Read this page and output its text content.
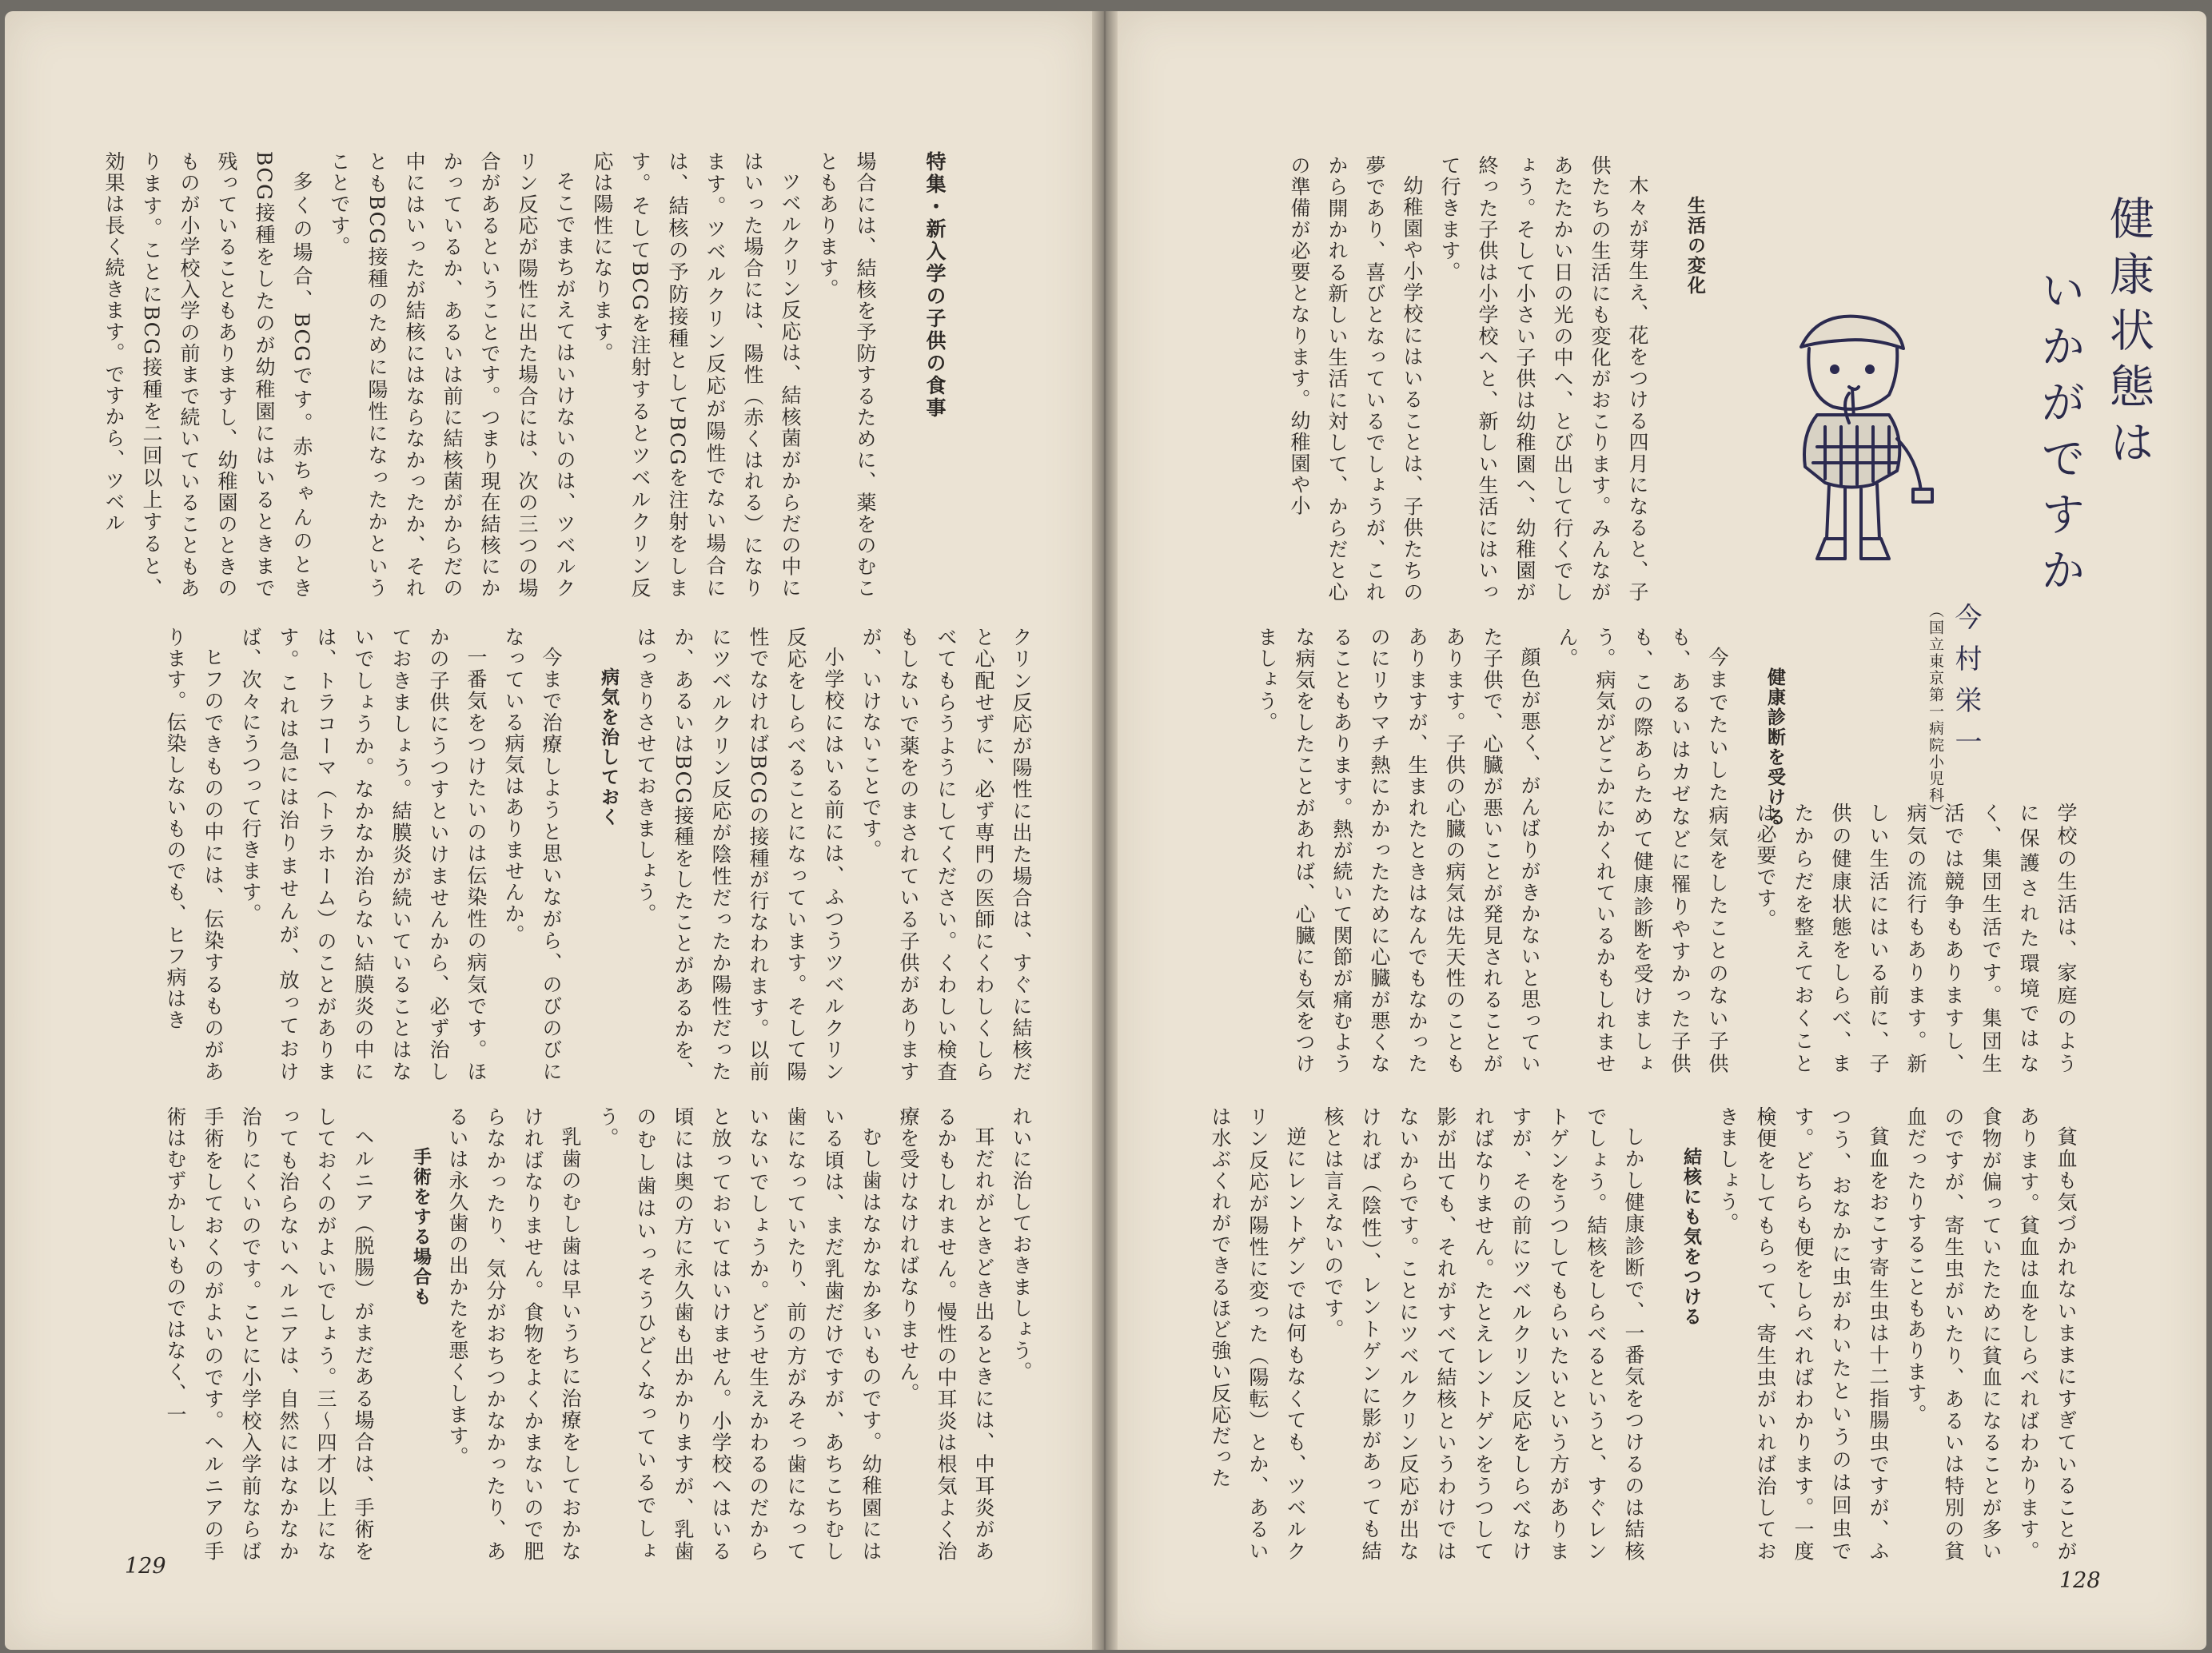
特集・新入学の子供の食事

場合には、結核を予防するために、薬をのむこともあります。

ツベルクリン反応は、結核菌がからだの中にはいった場合には、陽性（赤くはれる）になります。ツベルクリン反応が陽性でない場合には、結核の予防接種としてBCGを注射をします。そしてBCGを注射するとツベルクリン反応は陽性になります。

そこでまちがえてはいけないのは、ツベルクリン反応が陽性に出た場合には、次の三つの場合があるということです。つまり現在結核にかかっているか、あるいは前に結核菌がからだの中にはいったが結核にはならなかったか、それともBCG接種のために陽性になったかということです。

多くの場合、BCGです。赤ちゃんのときBCG接種をしたのが幼稚園にはいるときまで残っていることもありますし、幼稚園のときのものが小学校入学の前まで続いていることもあります。ことにBCG接種を二回以上すると、効果は長く続きます。ですから、ツベル

クリン反応が陽性に出た場合は、すぐに結核だと心配せずに、必ず専門の医師にくわしくしらべてもらうようにしてください。くわしい検査もしないで薬をのまされている子供がありますが、いけないことです。

小学校にはいる前には、ふつうツベルクリン反応をしらべることになっています。そして陽性でなければBCGの接種が行なわれます。以前にツベルクリン反応が陰性だったか陽性だったか、あるいはBCG接種をしたことがあるかを、はっきりさせておきましょう。

病気を治しておく

今まで治療しようと思いながら、のびのびになっている病気はありませんか。

一番気をつけたいのは伝染性の病気です。ほかの子供にうつすといけませんから、必ず治しておきましょう。結膜炎が続いていることはないでしょうか。なかなか治らない結膜炎の中には、トラコーマ（トラホーム）のことがあります。これは急には治りませんが、放っておけば、次々にうつって行きます。

ヒフのできものの中には、伝染するものがあります。伝染しないものでも、ヒフ病はき

れいに治しておきましょう。

耳だれがときどき出るときには、中耳炎があるかもしれません。慢性の中耳炎は根気よく治療を受けなければなりません。

むし歯はなかなか多いものです。幼稚園にはいる頃は、まだ乳歯だけですが、あちこちむし歯になっていたり、前の方がみそっ歯になっていないでしょうか。どうせ生えかわるのだからと放っておいてはいけません。小学校へはいる頃には奥の方に永久歯も出かかりますが、乳歯のむし歯はいっそうひどくなっているでしょう。

乳歯のむし歯は早いうちに治療をしておかなければなりません。食物をよくかまないので肥らなかったり、気分がおちつかなかったり、あるいは永久歯の出かたを悪くします。

手術をする場合も

ヘルニア（脱腸）がまだある場合は、手術をしておくのがよいでしょう。三〜四才以上になっても治らないヘルニアは、自然にはなかなか治りにくいのです。ことに小学校入学前ならば手術をしておくのがよいのです。ヘルニアの手術はむずかしいものではなく、一

129
健康状態は
いかがですか

今村栄一

（国立東京第一病院小児科）

生活の変化

木々が芽生え、花をつける四月になると、子供たちの生活にも変化がおこります。みんながあたたかい日の光の中へ、とび出して行くでしょう。そして小さい子供は幼稚園へ、幼稚園が終った子供は小学校へと、新しい生活にはいって行きます。

幼稚園や小学校にはいることは、子供たちの夢であり、喜びとなっているでしょうが、これから開かれる新しい生活に対して、からだと心の準備が必要となります。幼稚園や小

学校の生活は、家庭のように保護された環境ではなく、集団生活です。集団生活では競争もありますし、病気の流行もあります。新しい生活にはいる前に、子供の健康状態をしらべ、またからだを整えておくことは必要です。

健康診断を受ける

今までたいした病気をしたことのない子供も、あるいはカゼなどに罹りやすかった子供も、この際あらためて健康診断を受けましょう。病気がどこかにかくれているかもしれません。

顔色が悪く、がんばりがきかないと思っていた子供で、心臓が悪いことが発見されることがあります。子供の心臓の病気は先天性のこともありますが、生まれたときはなんでもなかったのにリウマチ熱にかかったために心臓が悪くなることもあります。熱が続いて関節が痛むような病気をしたことがあれば、心臓にも気をつけましょう。

貧血も気づかれないままにすぎていることがあります。貧血は血をしらべればわかります。食物が偏っていたために貧血になることが多いのですが、寄生虫がいたり、あるいは特別の貧血だったりすることもあります。

貧血をおこす寄生虫は十二指腸虫ですが、ふつう、おなかに虫がわいたというのは回虫です。どちらも便をしらべればわかります。一度検便をしてもらって、寄生虫がいれば治しておきましょう。

結核にも気をつける

しかし健康診断で、一番気をつけるのは結核でしょう。結核をしらべるというと、すぐレントゲンをうつしてもらいたいという方がありますが、その前にツベルクリン反応をしらべなければなりません。たとえレントゲンをうつして影が出ても、それがすべて結核というわけではないからです。ことにツベルクリン反応が出なければ（陰性）、レントゲンに影があっても結核とは言えないのです。

逆にレントゲンでは何もなくても、ツベルクリン反応が陽性に変った（陽転）とか、あるいは水ぶくれができるほど強い反応だった

128
